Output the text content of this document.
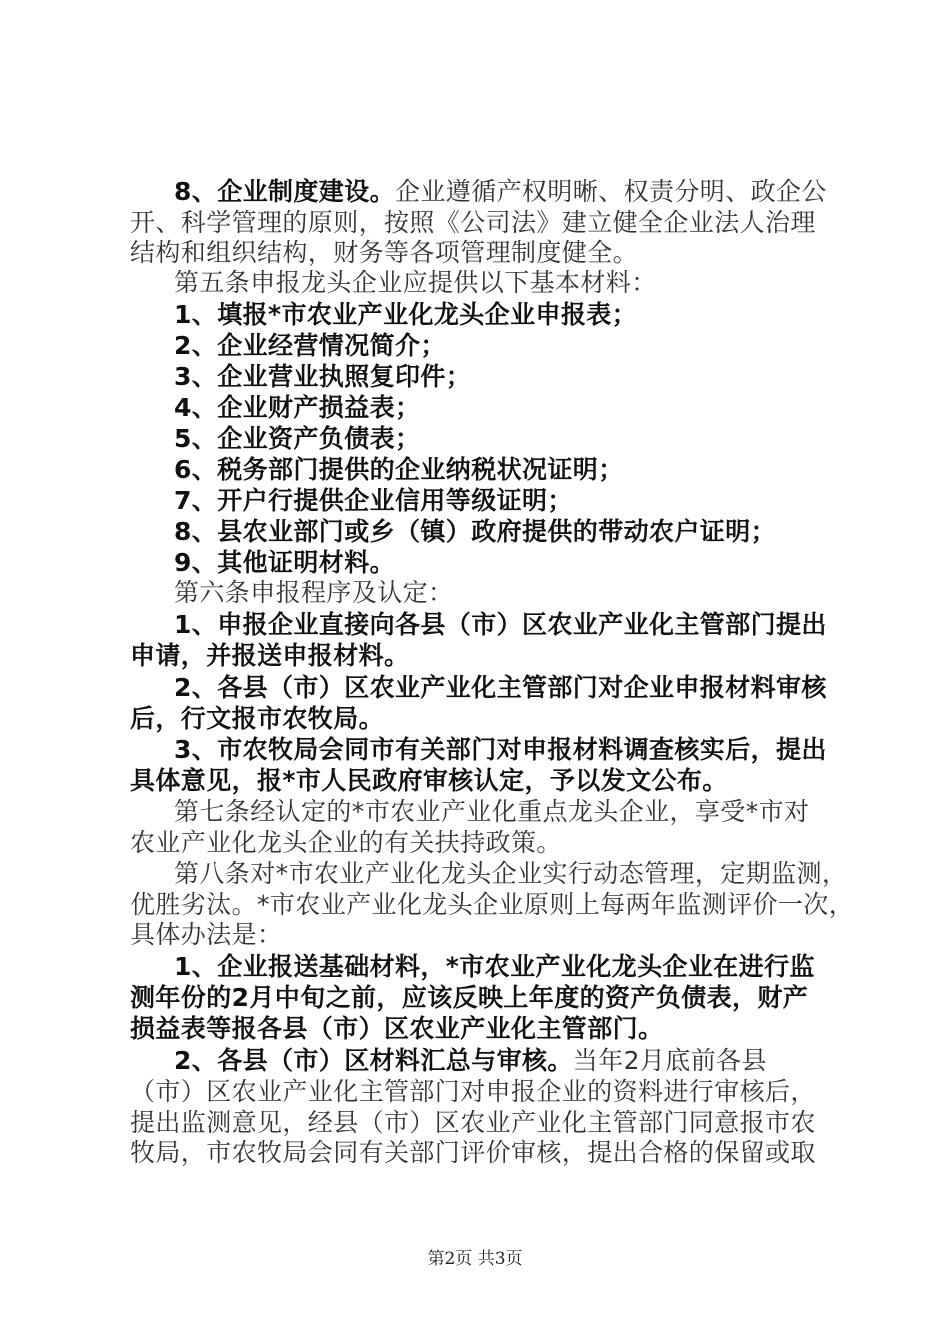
8、企业制度建设。企业遵循产权明晰、权责分明、政企公
开、科学管理的原则，按照《公司法》建立健全企业法人治理
结构和组织结构，财务等各项管理制度健全。
第五条申报龙头企业应提供以下基本材料：
1、填报*市农业产业化龙头企业申报表；
2、企业经营情况简介；
3、企业营业执照复印件；
4、企业财产损益表；
5、企业资产负债表；
6、税务部门提供的企业纳税状况证明；
7、开户行提供企业信用等级证明；
8、县农业部门或乡（镇）政府提供的带动农户证明；
9、其他证明材料。
第六条申报程序及认定：
1、申报企业直接向各县（市）区农业产业化主管部门提出
申请，并报送申报材料。
2、各县（市）区农业产业化主管部门对企业申报材料审核
后，行文报市农牧局。
3、市农牧局会同市有关部门对申报材料调查核实后，提出
具体意见，报*市人民政府审核认定，予以发文公布。
第七条经认定的*市农业产业化重点龙头企业，享受*市对
农业产业化龙头企业的有关扶持政策。
第八条对*市农业产业化龙头企业实行动态管理，定期监测，
优胜劣汰。*市农业产业化龙头企业原则上每两年监测评价一次，
具体办法是：
1、企业报送基础材料，*市农业产业化龙头企业在进行监
测年份的2月中旬之前，应该反映上年度的资产负债表，财产
损益表等报各县（市）区农业产业化主管部门。
2、各县（市）区材料汇总与审核。当年2月底前各县
（市）区农业产业化主管部门对申报企业的资料进行审核后，
提出监测意见，经县（市）区农业产业化主管部门同意报市农
牧局，市农牧局会同有关部门评价审核，提出合格的保留或取
第2页 共3页
